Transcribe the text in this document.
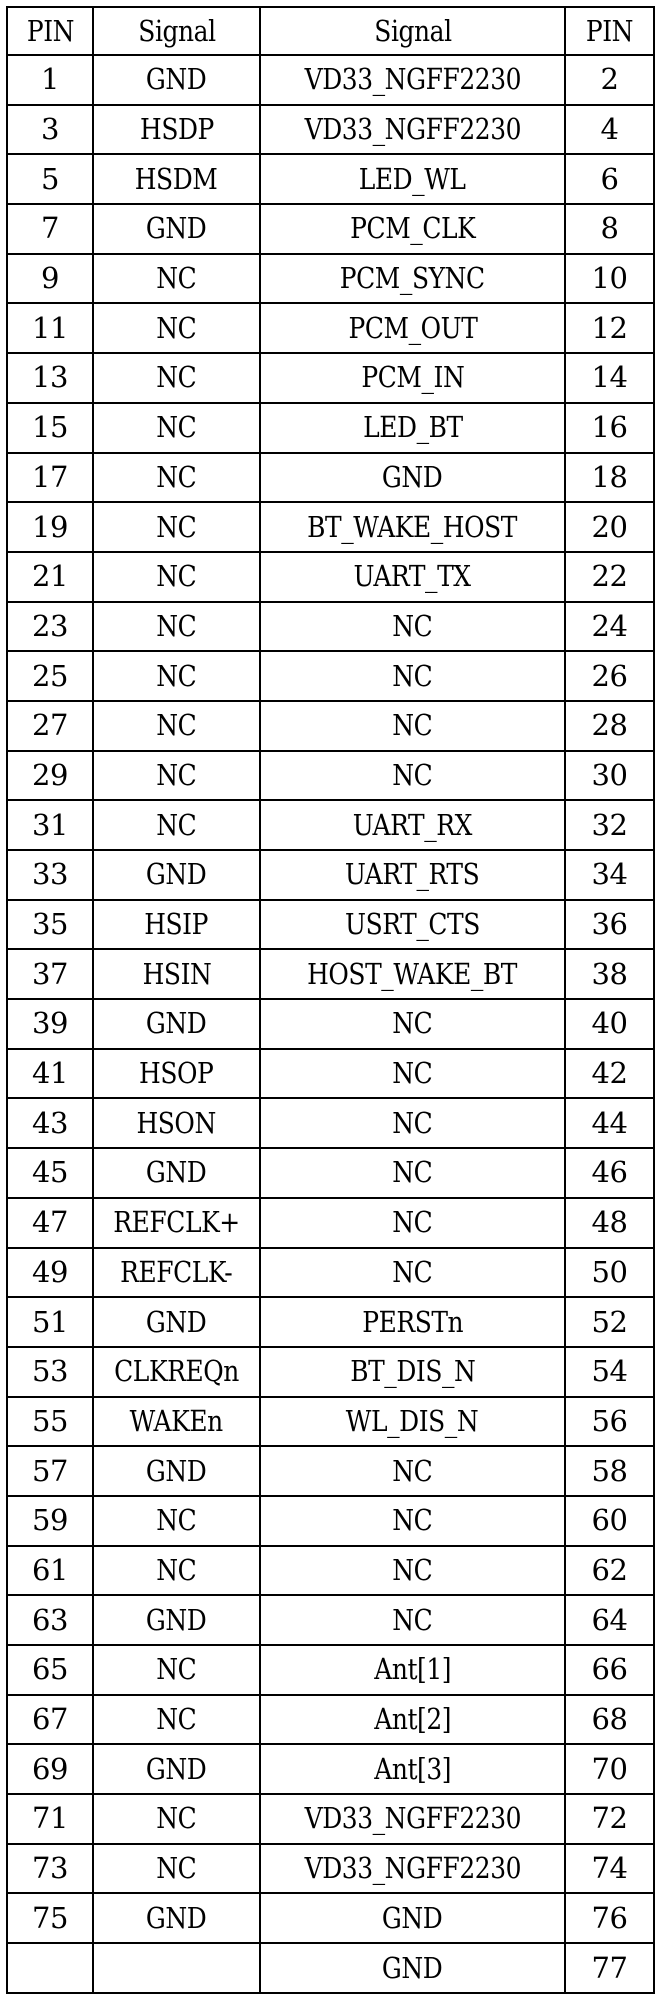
PIN	Signal	Signal	PIN
1	GND	VD33_NGFF2230	2
3	HSDP	VD33_NGFF2230	4
5	HSDM	LED_WL	6
7	GND	PCM_CLK	8
9	NC	PCM_SYNC	10
11	NC	PCM_OUT	12
13	NC	PCM_IN	14
15	NC	LED_BT	16
17	NC	GND	18
19	NC	BT_WAKE_HOST	20
21	NC	UART_TX	22
23	NC	NC	24
25	NC	NC	26
27	NC	NC	28
29	NC	NC	30
31	NC	UART_RX	32
33	GND	UART_RTS	34
35	HSIP	USRT_CTS	36
37	HSIN	HOST_WAKE_BT	38
39	GND	NC	40
41	HSOP	NC	42
43	HSON	NC	44
45	GND	NC	46
47	REFCLK+	NC	48
49	REFCLK-	NC	50
51	GND	PERSTn	52
53	CLKREQn	BT_DIS_N	54
55	WAKEn	WL_DIS_N	56
57	GND	NC	58
59	NC	NC	60
61	NC	NC	62
63	GND	NC	64
65	NC	Ant[1]	66
67	NC	Ant[2]	68
69	GND	Ant[3]	70
71	NC	VD33_NGFF2230	72
73	NC	VD33_NGFF2230	74
75	GND	GND	76
		GND	77
